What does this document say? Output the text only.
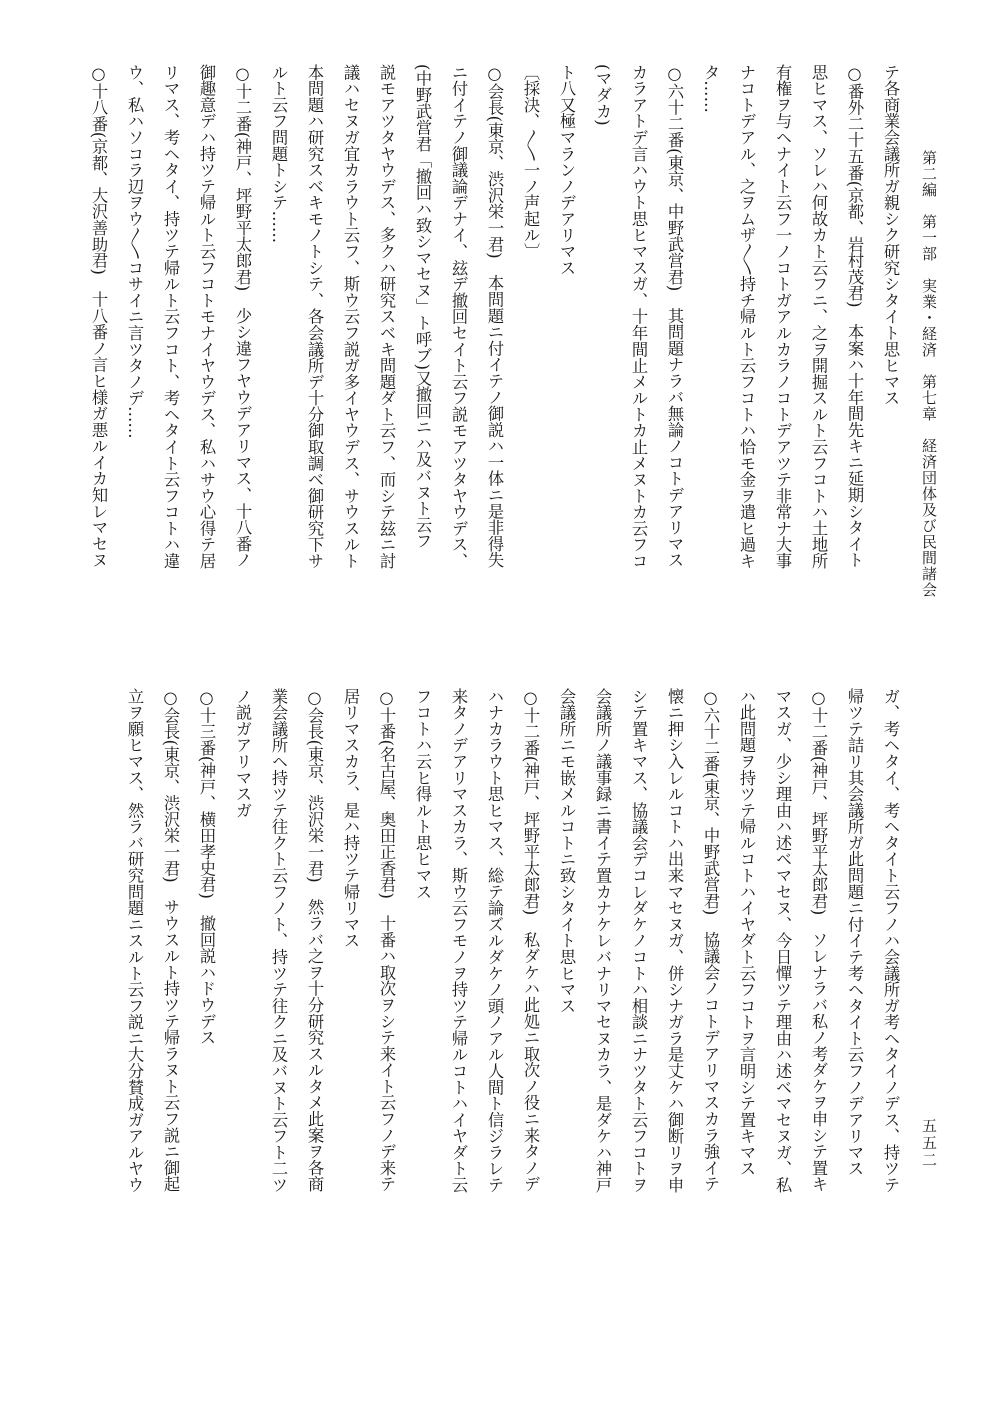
第二編　第一部　実業・経済　第七章　経済団体及び民間諸会
五五二
テ各商業会議所ガ親シク研究シタイト思ヒマス
○番外二十五番(京都、岩村茂君)　本案ハ十年間先キニ延期シタイト
思ヒマス、ソレハ何故カト云フニ、之ヲ開掘スルト云フコトハ土地所
有権ヲ与ヘナイト云フ一ノコトガアルカラノコトデアツテ非常ナ大事
ナコトデアル、之ヲムザ〳〵持チ帰ルト云フコトハ恰モ金ヲ遣ヒ過キ
タ……
○六十二番(東京、中野武営君)　其問題ナラバ無論ノコトデアリマス
カラアトデ言ハウト思ヒマスガ、十年間止メルトカ止メヌトカ云フコ
(マダカ)
ト八又極マランノデアリマス
〔採決、〳〵一ノ声起ル〕
○会長(東京、渋沢栄一君)　本問題ニ付イテノ御説ハ一体ニ是非得失
ニ付イテノ御議論デナイ、玆デ撤回セイト云フ説モアツタヤウデス、
(中野武営君「撤回ハ致シマセヌ」ト呼ブ)又撤回ニハ及バヌト云フ
説モアツタヤウデス、多クハ研究スベキ問題ダト云フ、而シテ玆ニ討
議ハセヌガ宜カラウト云フ、斯ウ云フ説ガ多イヤウデス、サウスルト
本問題ハ研究スベキモノトシテ、各会議所デ十分御取調ベ御研究下サ
ルト云フ問題トシテ……
○十二番(神戸、坪野平太郎君)　少シ違フヤウデアリマス、十八番ノ
御趣意デハ持ツテ帰ルト云フコトモナイヤウデス、私ハサウ心得テ居
リマス、考ヘタイ、持ツテ帰ルト云フコト、考ヘタイト云フコトハ違
ウ、私ハソコラ辺ヲウ〳〵コサイニ言ツタノデ……
○十八番(京都、大沢善助君)　十八番ノ言ヒ様ガ悪ルイカ知レマセヌ
ガ、考ヘタイ、考ヘタイト云フノハ会議所ガ考ヘタイノデス、持ツテ
帰ツテ詰リ其会議所ガ此問題ニ付イテ考ヘタイト云フノデアリマス
○十二番(神戸、坪野平太郎君)　ソレナラバ私ノ考ダケヲ申シテ置キ
マスガ、少シ理由ハ述ベマセヌ、今日憚ツテ理由ハ述ベマセヌガ、私
ハ此問題ヲ持ツテ帰ルコトハイヤダト云フコトヲ言明シテ置キマス
○六十二番(東京、中野武営君)　協議会ノコトデアリマスカラ強イテ
懐ニ押シ入レルコトハ出来マセヌガ、併シナガラ是丈ケハ御断リヲ申
シテ置キマス、協議会デコレダケノコトハ相談ニナツタト云フコトヲ
会議所ノ議事録ニ書イテ置カナケレバナリマセヌカラ、是ダケハ神戸
会議所ニモ嵌メルコトニ致シタイト思ヒマス
○十二番(神戸、坪野平太郎君)　私ダケハ此処ニ取次ノ役ニ来タノデ
ハナカラウト思ヒマス、総テ論ズルダケノ頭ノアル人間ト信ジラレテ
来タノデアリマスカラ、斯ウ云フモノヲ持ツテ帰ルコトハイヤダト云
フコトハ云ヒ得ルト思ヒマス
○十番(名古屋、奥田正香君)　十番ハ取次ヲシテ来イト云フノデ来テ
居リマスカラ、是ハ持ツテ帰リマス
○会長(東京、渋沢栄一君)　然ラバ之ヲ十分研究スルタメ此案ヲ各商
業会議所ヘ持ツテ往クト云フノト、持ツテ往クニ及バヌト云フト二ツ
ノ説ガアリマスガ
○十三番(神戸、横田孝史君)　撤回説ハドウデス
○会長(東京、渋沢栄一君)　サウスルト持ツテ帰ラヌト云フ説ニ御起
立ヲ願ヒマス、然ラバ研究問題ニスルト云フ説ニ大分賛成ガアルヤウ
